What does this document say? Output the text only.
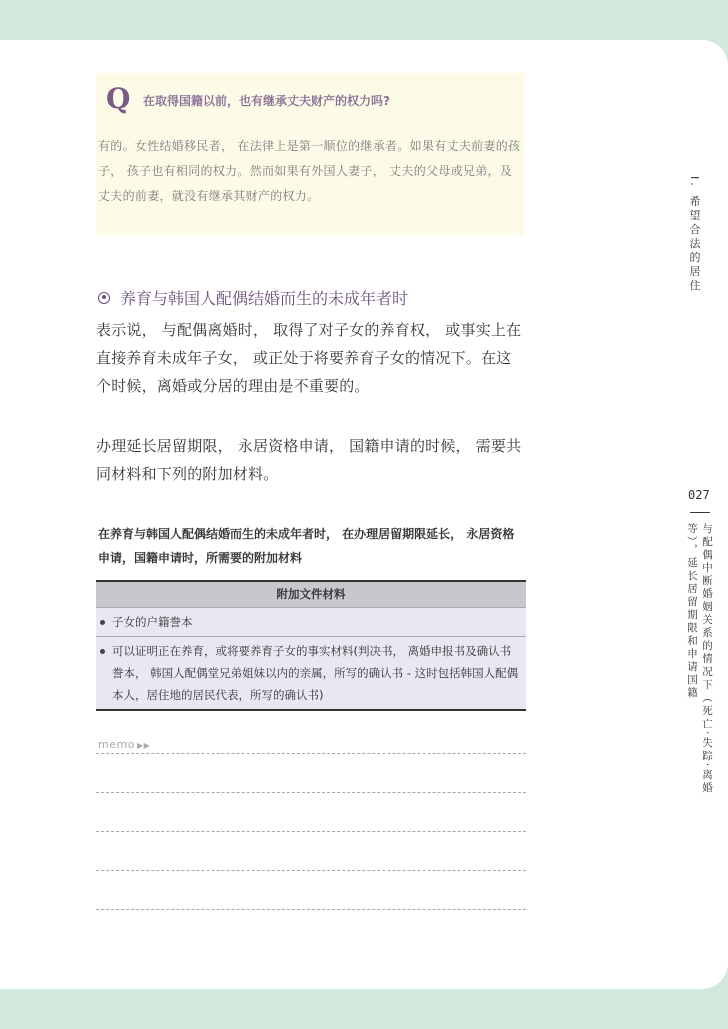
Q 在取得国籍以前，也有继承丈夫财产的权力吗?
有的。女性结婚移民者， 在法律上是第一顺位的继承者。如果有丈夫前妻的孩子， 孩子也有相同的权力。然而如果有外国人妻子， 丈夫的父母或兄弟，及丈夫的前妻，就没有继承其财产的权力。
养育与韩国人配偶结婚而生的未成年者时
表示说， 与配偶离婚时， 取得了对子女的养育权， 或事实上在直接养育未成年子女， 或正处于将要养育子女的情况下。在这个时候，离婚或分居的理由是不重要的。
办理延长居留期限， 永居资格申请， 国籍申请的时候， 需要共同材料和下列的附加材料。
在养育与韩国人配偶结婚而生的未成年者时， 在办理居留期限延长， 永居资格申请，国籍申请时，所需要的附加材料
附加文件材料
子女的户籍誊本
可以证明正在养育，或将要养育子女的事实材料(判决书， 离婚申报书及确认书誊本， 韩国人配偶堂兄弟姐妹以内的亲属，所写的确认书 - 这时包括韩国人配偶本人，居住地的居民代表，所写的确认书)
memo ▶▶
I. 希望合法的居住
027
与配偶中断婚姻关系的情况下（死亡·失踪·离婚等），延长居留期限和申请国籍
